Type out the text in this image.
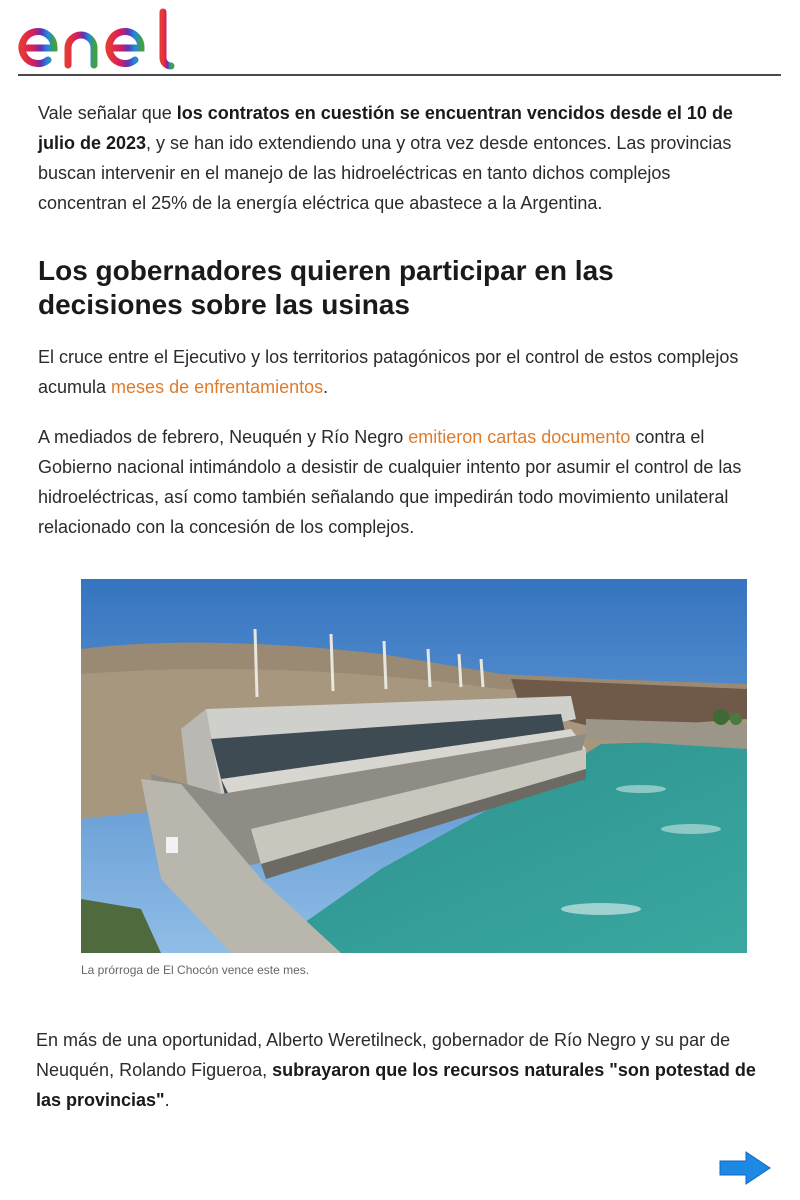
Vale señalar que los contratos en cuestión se encuentran vencidos desde el 10 de julio de 2023, y se han ido extendiendo una y otra vez desde entonces. Las provincias buscan intervenir en el manejo de las hidroeléctricas en tanto dichos complejos concentran el 25% de la energía eléctrica que abastece a la Argentina.

Los gobernadores quieren participar en las decisiones sobre las usinas

El cruce entre el Ejecutivo y los territorios patagónicos por el control de estos complejos acumula meses de enfrentamientos.

A mediados de febrero, Neuquén y Río Negro emitieron cartas documento contra el Gobierno nacional intimándolo a desistir de cualquier intento por asumir el control de las hidroeléctricas, así como también señalando que impedirán todo movimiento unilateral relacionado con la concesión de los complejos.

La prórroga de El Chocón vence este mes.

En más de una oportunidad, Alberto Weretilneck, gobernador de Río Negro y su par de Neuquén, Rolando Figueroa, subrayaron que los recursos naturales "son potestad de las provincias".
